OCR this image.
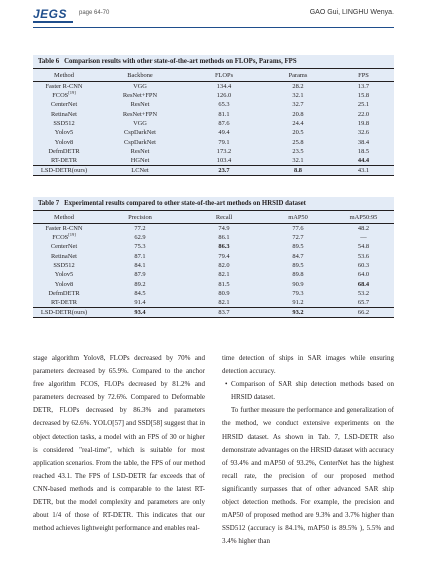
JEGS page 64-70	GAO Gui, LINGHU Wenya.
Table 6 Comparison results with other state-of-the-art methods on FLOPs, Params, FPS
Method	Backbone	FLOPs	Params	FPS
Faster R-CNN	VGG	134.4	28.2	13.7
FCOS[19]	ResNet+FPN	126.0	32.1	15.8
CenterNet	ResNet	65.3	32.7	25.1
RetinaNet	ResNet+FPN	81.1	20.8	22.0
SSD512	VGG	87.6	24.4	19.8
Yolov5	CspDarkNet	49.4	20.5	32.6
Yolov8	CspDarkNet	79.1	25.8	38.4
DefmDETR	ResNet	173.2	23.5	18.5
RT-DETR	HGNet	103.4	32.1	44.4
LSD-DETR(ours)	LCNet	23.7	8.8	43.1
Table 7 Experimental results compared to other state-of-the-art methods on HRSID dataset
Method	Precision	Recall	mAP50	mAP50:95
Faster R-CNN	77.2	74.9	77.6	48.2
FCOS[19]	62.9	86.1	72.7	—
CenterNet	75.3	86.3	89.5	54.8
RetinaNet	87.1	79.4	84.7	53.6
SSD512	84.1	82.0	89.5	60.3
Yolov5	87.9	82.1	89.8	64.0
Yolov8	89.2	81.5	90.9	68.4
DefmDETR	84.5	80.9	79.3	53.2
RT-DETR	91.4	82.1	91.2	65.7
LSD-DETR(ours)	93.4	83.7	93.2	66.2
stage algorithm Yolov8, FLOPs decreased by 70% and parameters decreased by 65.9%. Compared to the anchor free algorithm FCOS, FLOPs decreased by 81.2% and parameters decreased by 72.6%. Compared to Deformable DETR, FLOPs decreased by 86.3% and parameters decreased by 62.6%. YOLO[57] and SSD[58] suggest that in object detection tasks, a model with an FPS of 30 or higher is considered "real-time", which is suitable for most application scenarios. From the table, the FPS of our method reached 43.1. The FPS of LSD-DETR far exceeds that of CNN-based methods and is comparable to the latest RT-DETR, but the model complexity and parameters are only about 1/4 of those of RT-DETR. This indicates that our method achieves lightweight performance and enables real-
time detection of ships in SAR images while ensuring detection accuracy.
• Comparison of SAR ship detection methods based on HRSID dataset.
To further measure the performance and generalization of the method, we conduct extensive experiments on the HRSID dataset. As shown in Tab. 7, LSD-DETR also demonstrate advantages on the HRSID dataset with accuracy of 93.4% and mAP50 of 93.2%, CenterNet has the highest recall rate, the precision of our proposed method significantly surpasses that of other advanced SAR ship object detection methods. For example, the precision and mAP50 of proposed method are 9.3% and 3.7% higher than SSD512 (accuracy is 84.1%, mAP50 is 89.5% ), 5.5% and 3.4% higher than
